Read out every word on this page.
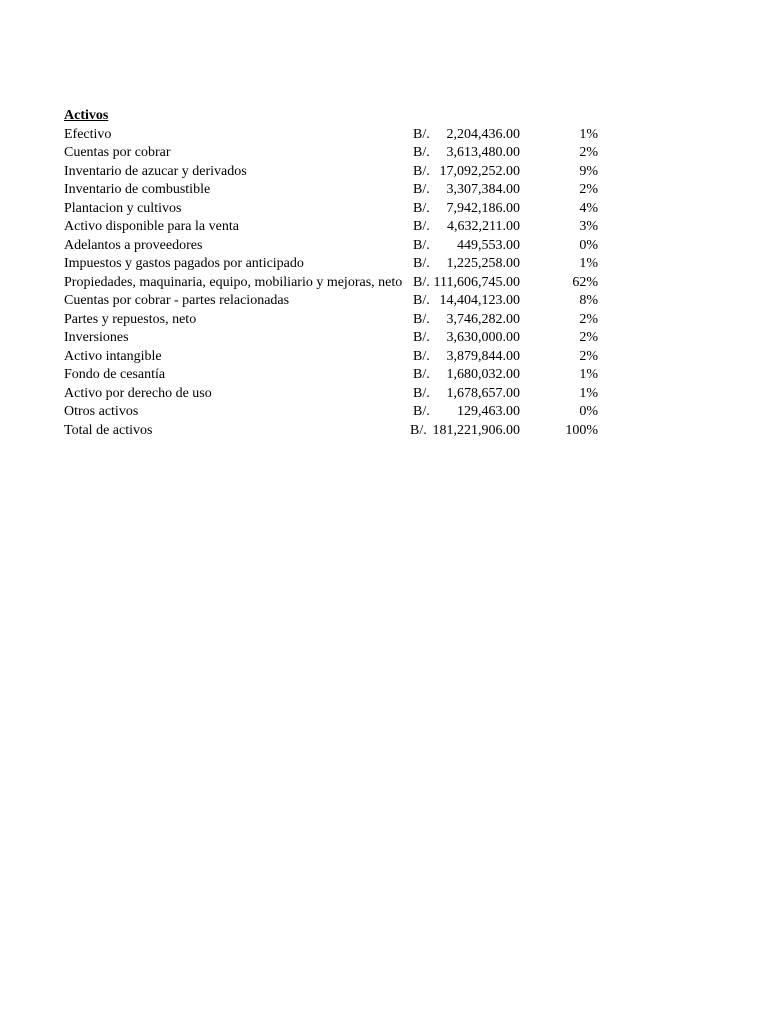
Activos
Efectivo	B/. 2,204,436.00	1%
Cuentas por cobrar	B/. 3,613,480.00	2%
Inventario de azucar y derivados	B/. 17,092,252.00	9%
Inventario de combustible	B/. 3,307,384.00	2%
Plantacion y cultivos	B/. 7,942,186.00	4%
Activo disponible para la venta	B/. 4,632,211.00	3%
Adelantos a proveedores	B/. 449,553.00	0%
Impuestos y gastos pagados por anticipado	B/. 1,225,258.00	1%
Propiedades, maquinaria, equipo, mobiliario y mejoras, neto B/. 111,606,745.00	62%
Cuentas por cobrar - partes relacionadas	B/. 14,404,123.00	8%
Partes y repuestos, neto	B/. 3,746,282.00	2%
Inversiones	B/. 3,630,000.00	2%
Activo intangible	B/. 3,879,844.00	2%
Fondo de cesantía	B/. 1,680,032.00	1%
Activo por derecho de uso	B/. 1,678,657.00	1%
Otros activos	B/. 129,463.00	0%
Total de activos	B/. 181,221,906.00	100%
